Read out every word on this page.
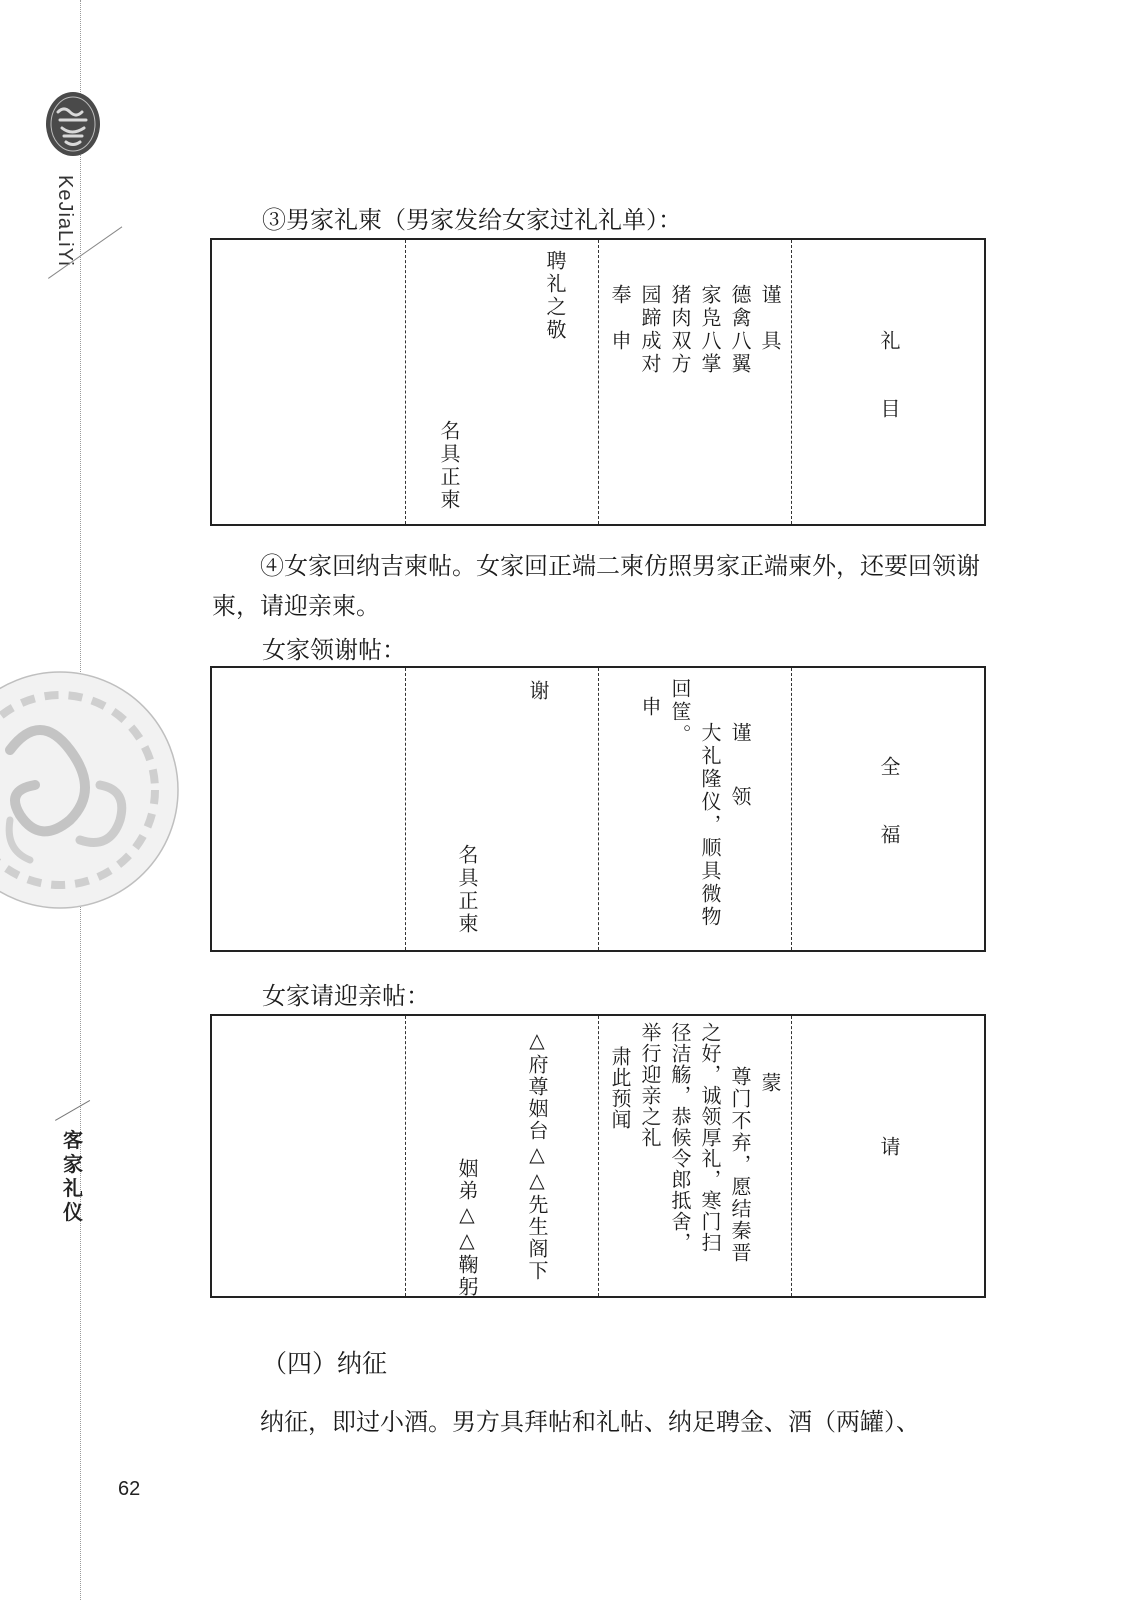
KeJiaLiYi
客家礼仪

③男家礼柬（男家发给女家过礼礼单）：

聘礼之敬
名具正柬
谨　具
德禽八翼
家凫八掌
猪肉双方
园蹄成对
奉　申
礼　目

④女家回纳吉柬帖。女家回正端二柬仿照男家正端柬外，还要回领谢柬，请迎亲柬。

女家领谢帖：

谢
名具正柬
谨　领
大礼隆仪，顺具微物
回筐。
申
全　福

女家请迎亲帖：

△府尊姻台△△先生阁下
姻弟△△鞠躬
蒙
尊门不弃，愿结秦晋
之好，诚领厚礼，寒门扫
径洁觞，恭候令郎抵舍，
举行迎亲之礼
肃此预闻
请

（四）纳征

纳征，即过小酒。男方具拜帖和礼帖、纳足聘金、酒（两罐）、

62
